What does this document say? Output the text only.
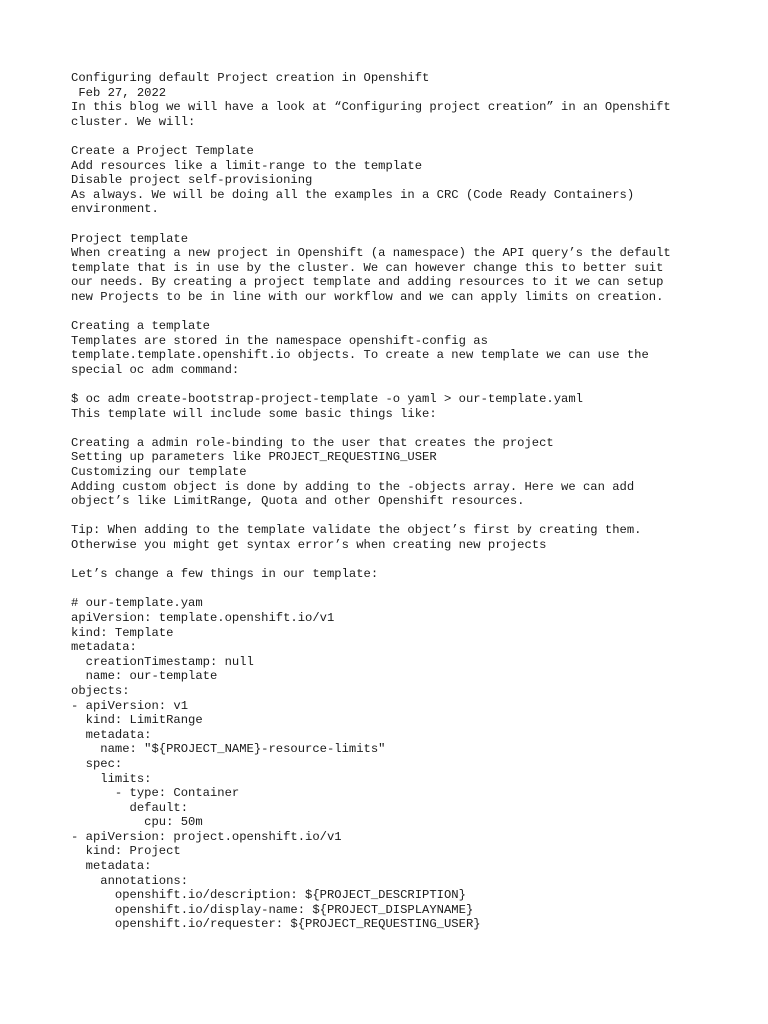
Configuring default Project creation in Openshift
Feb 27, 2022
In this blog we will have a look at “Configuring project creation” in an Openshift
cluster. We will:
Create a Project Template
Add resources like a limit-range to the template
Disable project self-provisioning
As always. We will be doing all the examples in a CRC (Code Ready Containers)
environment.
Project template
When creating a new project in Openshift (a namespace) the API query’s the default
template that is in use by the cluster. We can however change this to better suit
our needs. By creating a project template and adding resources to it we can setup
new Projects to be in line with our workflow and we can apply limits on creation.
Creating a template
Templates are stored in the namespace openshift-config as
template.template.openshift.io objects. To create a new template we can use the
special oc adm command:
$ oc adm create-bootstrap-project-template -o yaml > our-template.yaml
This template will include some basic things like:
Creating a admin role-binding to the user that creates the project
Setting up parameters like PROJECT_REQUESTING_USER
Customizing our template
Adding custom object is done by adding to the -objects array. Here we can add
object’s like LimitRange, Quota and other Openshift resources.
Tip: When adding to the template validate the object’s first by creating them.
Otherwise you might get syntax error’s when creating new projects
Let’s change a few things in our template:
# our-template.yam
apiVersion: template.openshift.io/v1
kind: Template
metadata:
creationTimestamp: null
name: our-template
objects:
- apiVersion: v1
kind: LimitRange
metadata:
name: "${PROJECT_NAME}-resource-limits"
spec:
limits:
- type: Container
default:
cpu: 50m
- apiVersion: project.openshift.io/v1
kind: Project
metadata:
annotations:
openshift.io/description: ${PROJECT_DESCRIPTION}
openshift.io/display-name: ${PROJECT_DISPLAYNAME}
openshift.io/requester: ${PROJECT_REQUESTING_USER}
